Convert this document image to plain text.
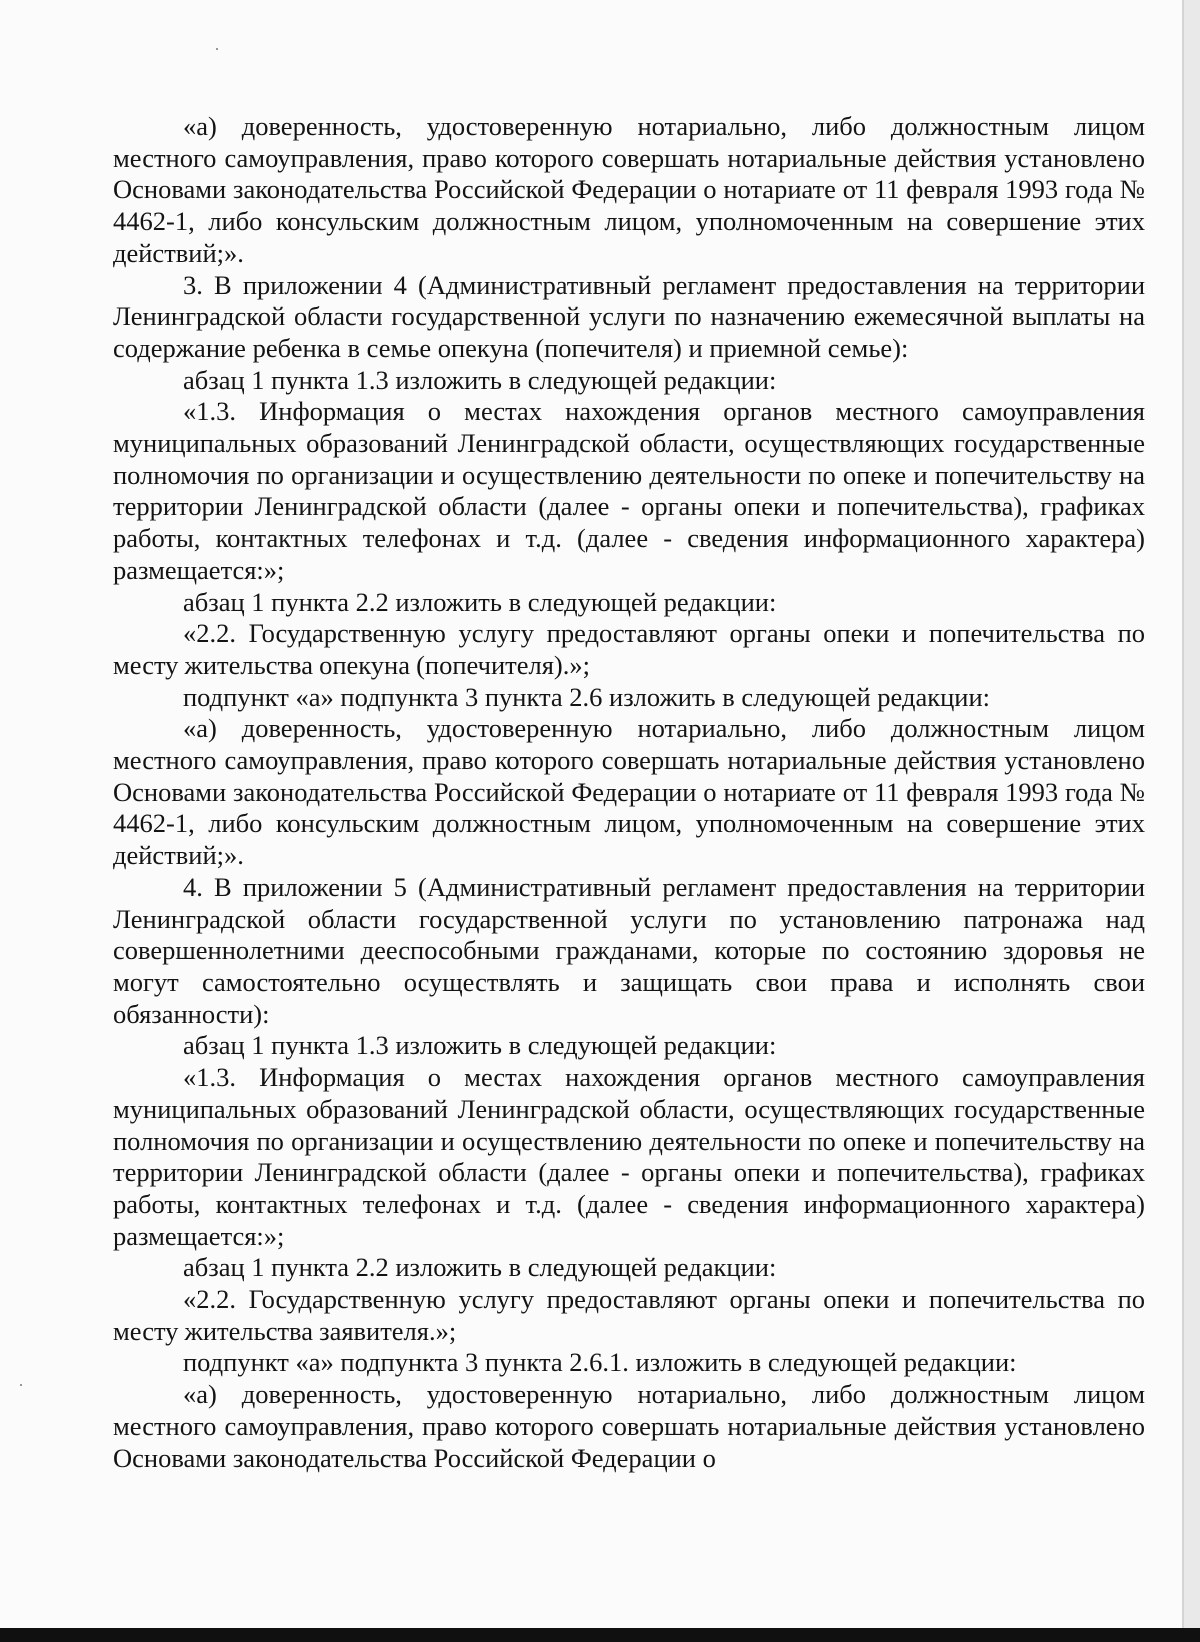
«а) доверенность, удостоверенную нотариально, либо должностным лицом местного самоуправления, право которого совершать нотариальные действия установлено Основами законодательства Российской Федерации о нотариате от 11 февраля 1993 года № 4462-1, либо консульским должностным лицом, уполномоченным на совершение этих действий;».

3. В приложении 4 (Административный регламент предоставления на территории Ленинградской области государственной услуги по назначению ежемесячной выплаты на содержание ребенка в семье опекуна (попечителя) и приемной семье):

абзац 1 пункта 1.3 изложить в следующей редакции:

«1.3. Информация о местах нахождения органов местного самоуправления муниципальных образований Ленинградской области, осуществляющих государственные полномочия по организации и осуществлению деятельности по опеке и попечительству на территории Ленинградской области (далее - органы опеки и попечительства), графиках работы, контактных телефонах и т.д. (далее - сведения информационного характера) размещается:»;

абзац 1 пункта 2.2 изложить в следующей редакции:

«2.2. Государственную услугу предоставляют органы опеки и попечительства по месту жительства опекуна (попечителя).»;

подпункт «а» подпункта 3 пункта 2.6 изложить в следующей редакции:

«а) доверенность, удостоверенную нотариально, либо должностным лицом местного самоуправления, право которого совершать нотариальные действия установлено Основами законодательства Российской Федерации о нотариате от 11 февраля 1993 года № 4462-1, либо консульским должностным лицом, уполномоченным на совершение этих действий;».

4. В приложении 5 (Административный регламент предоставления на территории Ленинградской области государственной услуги по установлению патронажа над совершеннолетними дееспособными гражданами, которые по состоянию здоровья не могут самостоятельно осуществлять и защищать свои права и исполнять свои обязанности):

абзац 1 пункта 1.3 изложить в следующей редакции:

«1.3. Информация о местах нахождения органов местного самоуправления муниципальных образований Ленинградской области, осуществляющих государственные полномочия по организации и осуществлению деятельности по опеке и попечительству на территории Ленинградской области (далее - органы опеки и попечительства), графиках работы, контактных телефонах и т.д. (далее - сведения информационного характера) размещается:»;

абзац 1 пункта 2.2 изложить в следующей редакции:

«2.2. Государственную услугу предоставляют органы опеки и попечительства по месту жительства заявителя.»;

подпункт «а» подпункта 3 пункта 2.6.1. изложить в следующей редакции:

«а) доверенность, удостоверенную нотариально, либо должностным лицом местного самоуправления, право которого совершать нотариальные действия установлено Основами законодательства Российской Федерации о
